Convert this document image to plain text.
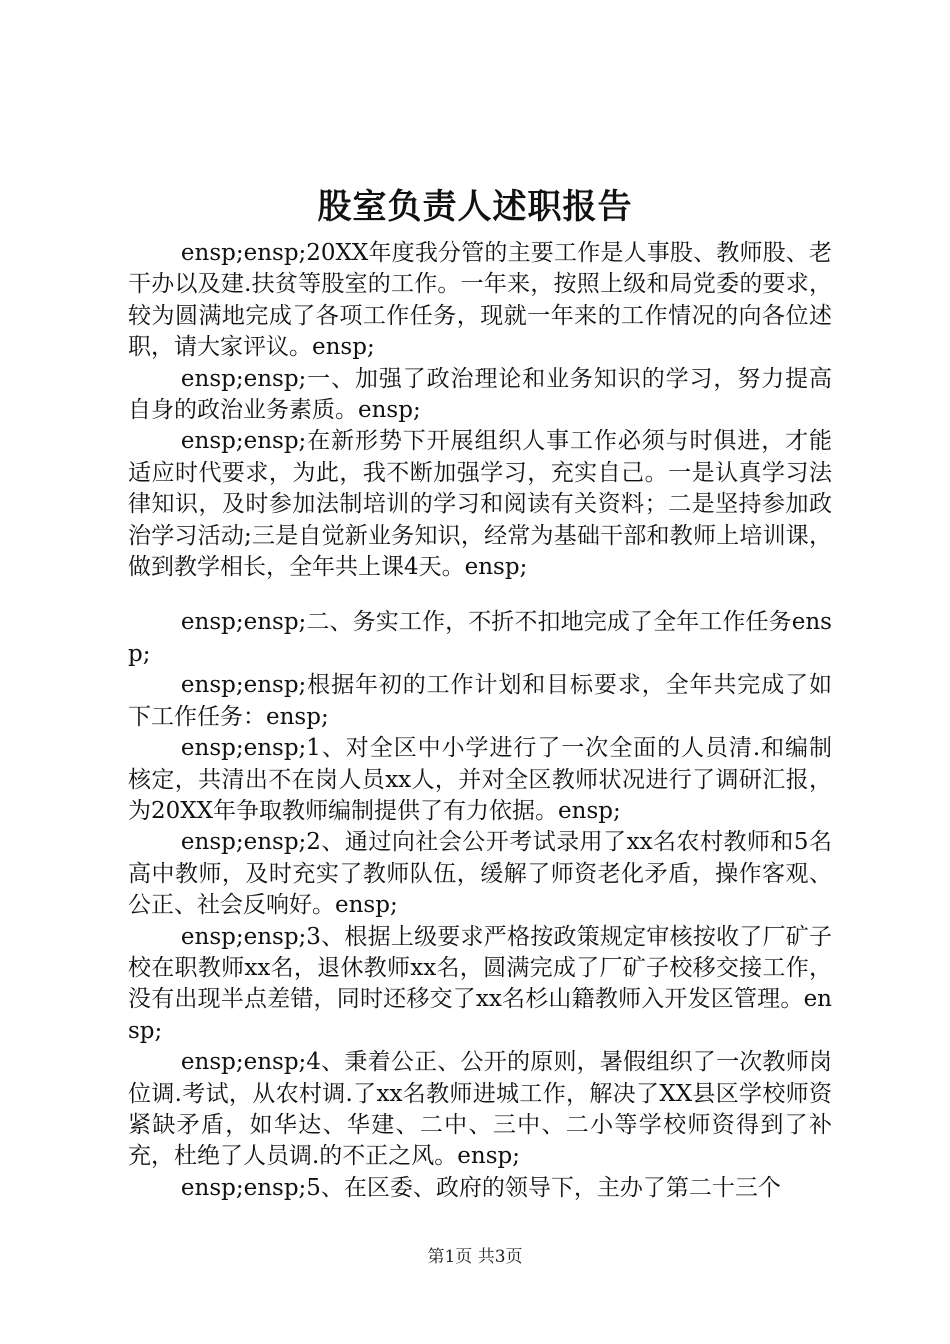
股室负责人述职报告

ensp;ensp;20XX年度我分管的主要工作是人事股、教师股、老干办以及建.扶贫等股室的工作。一年来，按照上级和局党委的要求，较为圆满地完成了各项工作任务，现就一年来的工作情况的向各位述职，请大家评议。ensp;

ensp;ensp;一、加强了政治理论和业务知识的学习，努力提高自身的政治业务素质。ensp;

ensp;ensp;在新形势下开展组织人事工作必须与时俱进，才能适应时代要求，为此，我不断加强学习，充实自己。一是认真学习法律知识，及时参加法制培训的学习和阅读有关资料；二是坚持参加政治学习活动;三是自觉新业务知识，经常为基础干部和教师上培训课，做到教学相长，全年共上课4天。ensp;

ensp;ensp;二、务实工作，不折不扣地完成了全年工作任务ensp;

ensp;ensp;根据年初的工作计划和目标要求，全年共完成了如下工作任务：ensp;

ensp;ensp;1、对全区中小学进行了一次全面的人员清.和编制核定，共清出不在岗人员xx人，并对全区教师状况进行了调研汇报，为20XX年争取教师编制提供了有力依据。ensp;

ensp;ensp;2、通过向社会公开考试录用了xx名农村教师和5名高中教师，及时充实了教师队伍，缓解了师资老化矛盾，操作客观、公正、社会反响好。ensp;

ensp;ensp;3、根据上级要求严格按政策规定审核按收了厂矿子校在职教师xx名，退休教师xx名，圆满完成了厂矿子校移交接工作，没有出现半点差错，同时还移交了xx名杉山籍教师入开发区管理。ensp;

ensp;ensp;4、秉着公正、公开的原则，暑假组织了一次教师岗位调.考试，从农村调.了xx名教师进城工作，解决了XX县区学校师资紧缺矛盾，如华达、华建、二中、三中、二小等学校师资得到了补充，杜绝了人员调.的不正之风。ensp;

ensp;ensp;5、在区委、政府的领导下，主办了第二十三个

第1页 共3页
